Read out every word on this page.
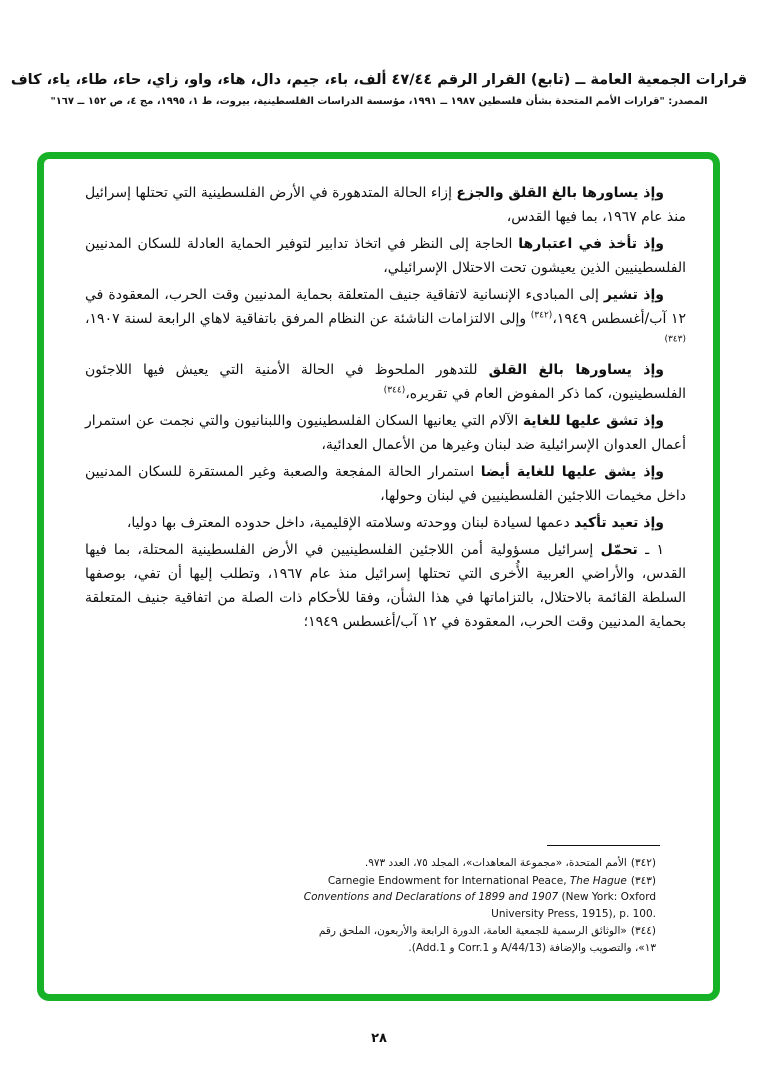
قرارات الجمعية العامة ــ (تابع) القرار الرقم ٤٧/٤٤ ألف، باء، جيم، دال، هاء، واو، زاي، حاء، طاء، ياء، كاف
المصدر: "قرارات الأمم المتحدة بشأن فلسطين ١٩٨٧ ــ ١٩٩١، مؤسسة الدراسات الفلسطينية، بيروت، ط ١، ١٩٩٥، مج ٤، ص ١٥٢ ــ ١٦٧"

وإذ يساورها بالغ القلق والجزع إزاء الحالة المتدهورة في الأرض الفلسطينية التي تحتلها إسرائيل منذ عام ١٩٦٧، بما فيها القدس،

وإذ تأخذ في اعتبارها الحاجة إلى النظر في اتخاذ تدابير لتوفير الحماية العادلة للسكان المدنيين الفلسطينيين الذين يعيشون تحت الاحتلال الإسرائيلي،

وإذ تشير إلى المبادىء الإنسانية لاتفاقية جنيف المتعلقة بحماية المدنيين وقت الحرب، المعقودة في ١٢ آب/أغسطس ١٩٤٩،$^{(٣٤٢)}$ وإلى الالتزامات الناشئة عن النظام المرفق باتفاقية لاهاي الرابعة لسنة ١٩٠٧،$^{(٣٤٣)}$

وإذ يساورها بالغ القلق للتدهور الملحوظ في الحالة الأمنية التي يعيش فيها اللاجئون الفلسطينيون، كما ذكر المفوض العام في تقريره،$^{(٣٤٤)}$

وإذ تشق عليها للغاية الآلام التي يعانيها السكان الفلسطينيون واللبنانيون والتي نجمت عن استمرار أعمال العدوان الإسرائيلية ضد لبنان وغيرها من الأعمال العدائية،

وإذ يشق عليها للغاية أيضا استمرار الحالة المفجعة والصعبة وغير المستقرة للسكان المدنيين داخل مخيمات اللاجئين الفلسطينيين في لبنان وحولها،

وإذ تعيد تأكيد دعمها لسيادة لبنان ووحدته وسلامته الإقليمية، داخل حدوده المعترف بها دوليا،

١ ـ تحمّل إسرائيل مسؤولية أمن اللاجئين الفلسطينيين في الأرض الفلسطينية المحتلة، بما فيها القدس، والأراضي العربية الأُخرى التي تحتلها إسرائيل منذ عام ١٩٦٧، وتطلب إليها أن تفي، بوصفها السلطة القائمة بالاحتلال، بالتزاماتها في هذا الشأن، وفقا للأحكام ذات الصلة من اتفاقية جنيف المتعلقة بحماية المدنيين وقت الحرب، المعقودة في ١٢ آب/أغسطس ١٩٤٩؛

(٣٤٢)الأمم المتحدة، «مجموعة المعاهدات»، المجلد ٧٥، العدد ٩٧٣.
(٣٤٣)Carnegie Endowment for International Peace, The Hague Conventions and Declarations of 1899 and 1907 (New York: Oxford University Press, 1915), p. 100.
(٣٤٤)«الوثائق الرسمية للجمعية العامة، الدورة الرابعة والأربعون، الملحق رقم ١٣»، والتصويب والإضافة (A/44/13 و Corr.1 و Add.1).
٢٨
